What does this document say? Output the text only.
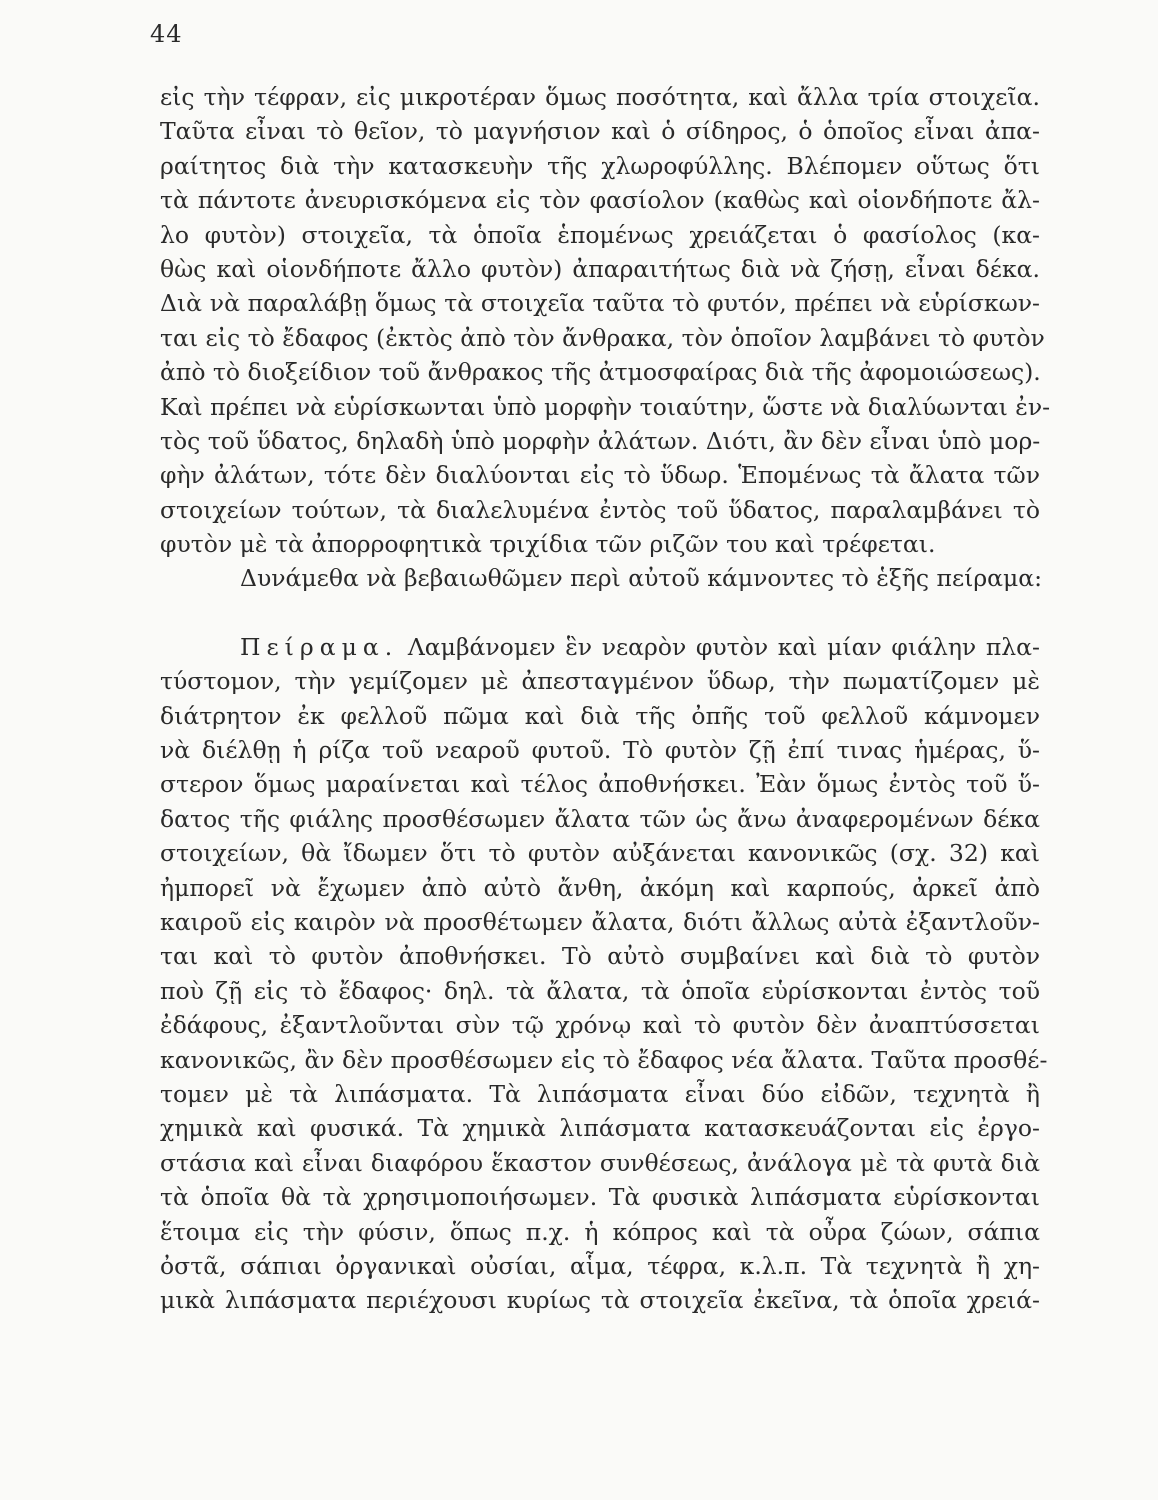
44
εἰς τὴν τέφραν, εἰς μικροτέραν ὅμως ποσότητα, καὶ ἄλλα τρία στοιχεῖα.
Ταῦτα εἶναι τὸ θεῖον, τὸ μαγνήσιον καὶ ὁ σίδηρος, ὁ ὁποῖος εἶναι ἀπα-
ραίτητος διὰ τὴν κατασκευὴν τῆς χλωροφύλλης. Βλέπομεν οὕτως ὅτι
τὰ πάντοτε ἀνευρισκόμενα εἰς τὸν φασίολον (καθὼς καὶ οἱονδήποτε ἄλ-
λο φυτὸν) στοιχεῖα, τὰ ὁποῖα ἑπομένως χρειάζεται ὁ φασίολος (κα-
θὼς καὶ οἱονδήποτε ἄλλο φυτὸν) ἀπαραιτήτως διὰ νὰ ζήσῃ, εἶναι δέκα.
Διὰ νὰ παραλάβῃ ὅμως τὰ στοιχεῖα ταῦτα τὸ φυτόν, πρέπει νὰ εὑρίσκων-
ται εἰς τὸ ἔδαφος (ἐκτὸς ἀπὸ τὸν ἄνθρακα, τὸν ὁποῖον λαμβάνει τὸ φυτὸν
ἀπὸ τὸ διοξείδιον τοῦ ἄνθρακος τῆς ἀτμοσφαίρας διὰ τῆς ἀφομοιώσεως).
Καὶ πρέπει νὰ εὑρίσκωνται ὑπὸ μορφὴν τοιαύτην, ὥστε νὰ διαλύωνται ἐν-
τὸς τοῦ ὕδατος, δηλαδὴ ὑπὸ μορφὴν ἀλάτων. Διότι, ἂν δὲν εἶναι ὑπὸ μορ-
φὴν ἀλάτων, τότε δὲν διαλύονται εἰς τὸ ὕδωρ. Ἑπομένως τὰ ἄλατα τῶν
στοιχείων τούτων, τὰ διαλελυμένα ἐντὸς τοῦ ὕδατος, παραλαμβάνει τὸ
φυτὸν μὲ τὰ ἀπορροφητικὰ τριχίδια τῶν ριζῶν του καὶ τρέφεται.
Δυνάμεθα νὰ βεβαιωθῶμεν περὶ αὐτοῦ κάμνοντες τὸ ἑξῆς πείραμα:
Πείραμα. Λαμβάνομεν ἓν νεαρὸν φυτὸν καὶ μίαν φιάλην πλα-
τύστομον, τὴν γεμίζομεν μὲ ἀπεσταγμένον ὕδωρ, τὴν πωματίζομεν μὲ
διάτρητον ἐκ φελλοῦ πῶμα καὶ διὰ τῆς ὀπῆς τοῦ φελλοῦ κάμνομεν
νὰ διέλθῃ ἡ ρίζα τοῦ νεαροῦ φυτοῦ. Τὸ φυτὸν ζῇ ἐπί τινας ἡμέρας, ὕ-
στερον ὅμως μαραίνεται καὶ τέλος ἀποθνήσκει. Ἐὰν ὅμως ἐντὸς τοῦ ὕ-
δατος τῆς φιάλης προσθέσωμεν ἄλατα τῶν ὡς ἄνω ἀναφερομένων δέκα
στοιχείων, θὰ ἴδωμεν ὅτι τὸ φυτὸν αὐξάνεται κανονικῶς (σχ. 32) καὶ
ἠμπορεῖ νὰ ἔχωμεν ἀπὸ αὐτὸ ἄνθη, ἀκόμη καὶ καρπούς, ἀρκεῖ ἀπὸ
καιροῦ εἰς καιρὸν νὰ προσθέτωμεν ἄλατα, διότι ἄλλως αὐτὰ ἐξαντλοῦν-
ται καὶ τὸ φυτὸν ἀποθνήσκει. Τὸ αὐτὸ συμβαίνει καὶ διὰ τὸ φυτὸν
ποὺ ζῇ εἰς τὸ ἔδαφος· δηλ. τὰ ἄλατα, τὰ ὁποῖα εὑρίσκονται ἐντὸς τοῦ
ἐδάφους, ἐξαντλοῦνται σὺν τῷ χρόνῳ καὶ τὸ φυτὸν δὲν ἀναπτύσσεται
κανονικῶς, ἂν δὲν προσθέσωμεν εἰς τὸ ἔδαφος νέα ἄλατα. Ταῦτα προσθέ-
τομεν μὲ τὰ λιπάσματα. Τὰ λιπάσματα εἶναι δύο εἰδῶν, τεχνητὰ ἢ
χημικὰ καὶ φυσικά. Τὰ χημικὰ λιπάσματα κατασκευάζονται εἰς ἐργο-
στάσια καὶ εἶναι διαφόρου ἕκαστον συνθέσεως, ἀνάλογα μὲ τὰ φυτὰ διὰ
τὰ ὁποῖα θὰ τὰ χρησιμοποιήσωμεν. Τὰ φυσικὰ λιπάσματα εὑρίσκονται
ἕτοιμα εἰς τὴν φύσιν, ὅπως π.χ. ἡ κόπρος καὶ τὰ οὖρα ζώων, σάπια
ὀστᾶ, σάπιαι ὀργανικαὶ οὐσίαι, αἷμα, τέφρα, κ.λ.π. Τὰ τεχνητὰ ἢ χη-
μικὰ λιπάσματα περιέχουσι κυρίως τὰ στοιχεῖα ἐκεῖνα, τὰ ὁποῖα χρειά-
